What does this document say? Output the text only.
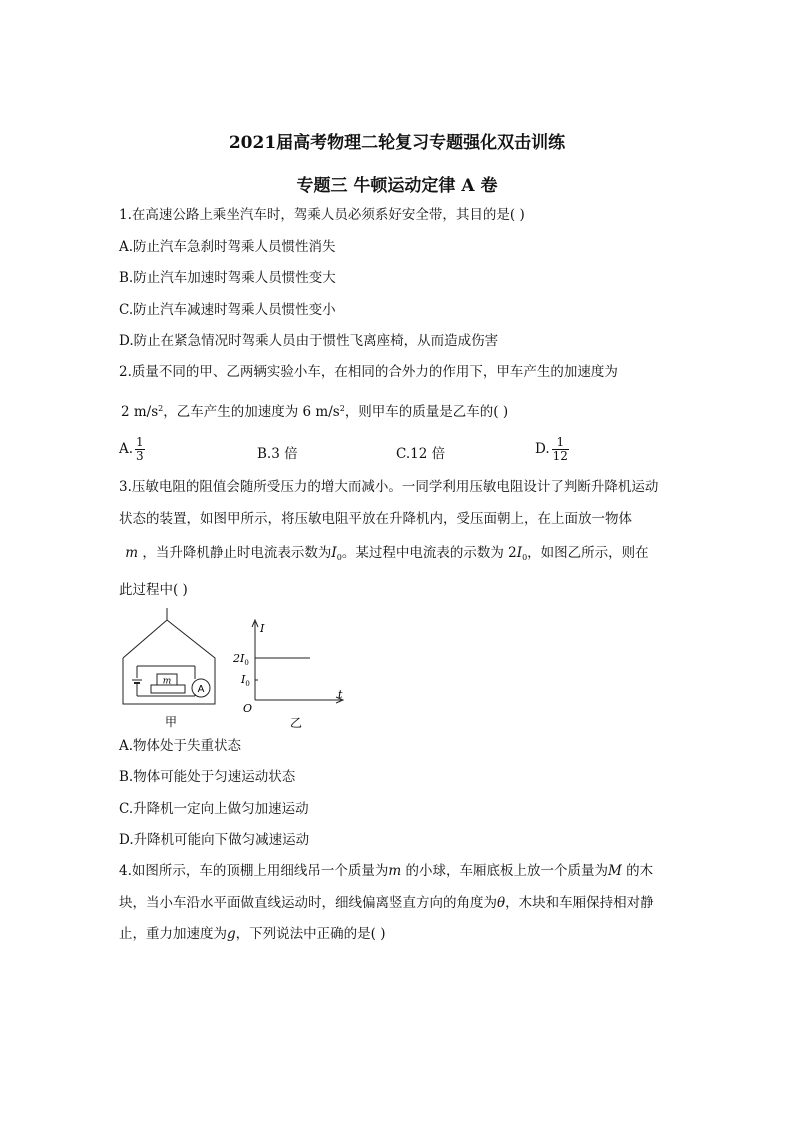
2021届高考物理二轮复习专题强化双击训练
专题三 牛顿运动定律 A 卷
1.在高速公路上乘坐汽车时，驾乘人员必须系好安全带，其目的是( )
A.防止汽车急刹时驾乘人员惯性消失
B.防止汽车加速时驾乘人员惯性变大
C.防止汽车减速时驾乘人员惯性变小
D.防止在紧急情况时驾乘人员由于惯性飞离座椅，从而造成伤害
2.质量不同的甲、乙两辆实验小车，在相同的合外力的作用下，甲车产生的加速度为
2 $m/s^2$，乙车产生的加速度为 6 $m/s^2$，则甲车的质量是乙车的( )
A. $\frac{1}{3}$	B.3 倍	C.12 倍	D. $\frac{1}{12}$
3.压敏电阻的阻值会随所受压力的增大而减小。一同学利用压敏电阻设计了判断升降机运动
状态的装置，如图甲所示，将压敏电阻平放在升降机内，受压面朝上，在上面放一物体
m ，当升降机静止时电流表示数为$I_0$。某过程中电流表的示数为 $2I_0$，如图乙所示，则在
此过程中( )
m
A
甲
I
t
O
$2I_0$
$I_0$
乙
A.物体处于失重状态
B.物体可能处于匀速运动状态
C.升降机一定向上做匀加速运动
D.升降机可能向下做匀减速运动
4.如图所示，车的顶棚上用细线吊一个质量为m 的小球，车厢底板上放一个质量为M 的木
块，当小车沿水平面做直线运动时，细线偏离竖直方向的角度为θ，木块和车厢保持相对静
止，重力加速度为g，下列说法中正确的是( )
